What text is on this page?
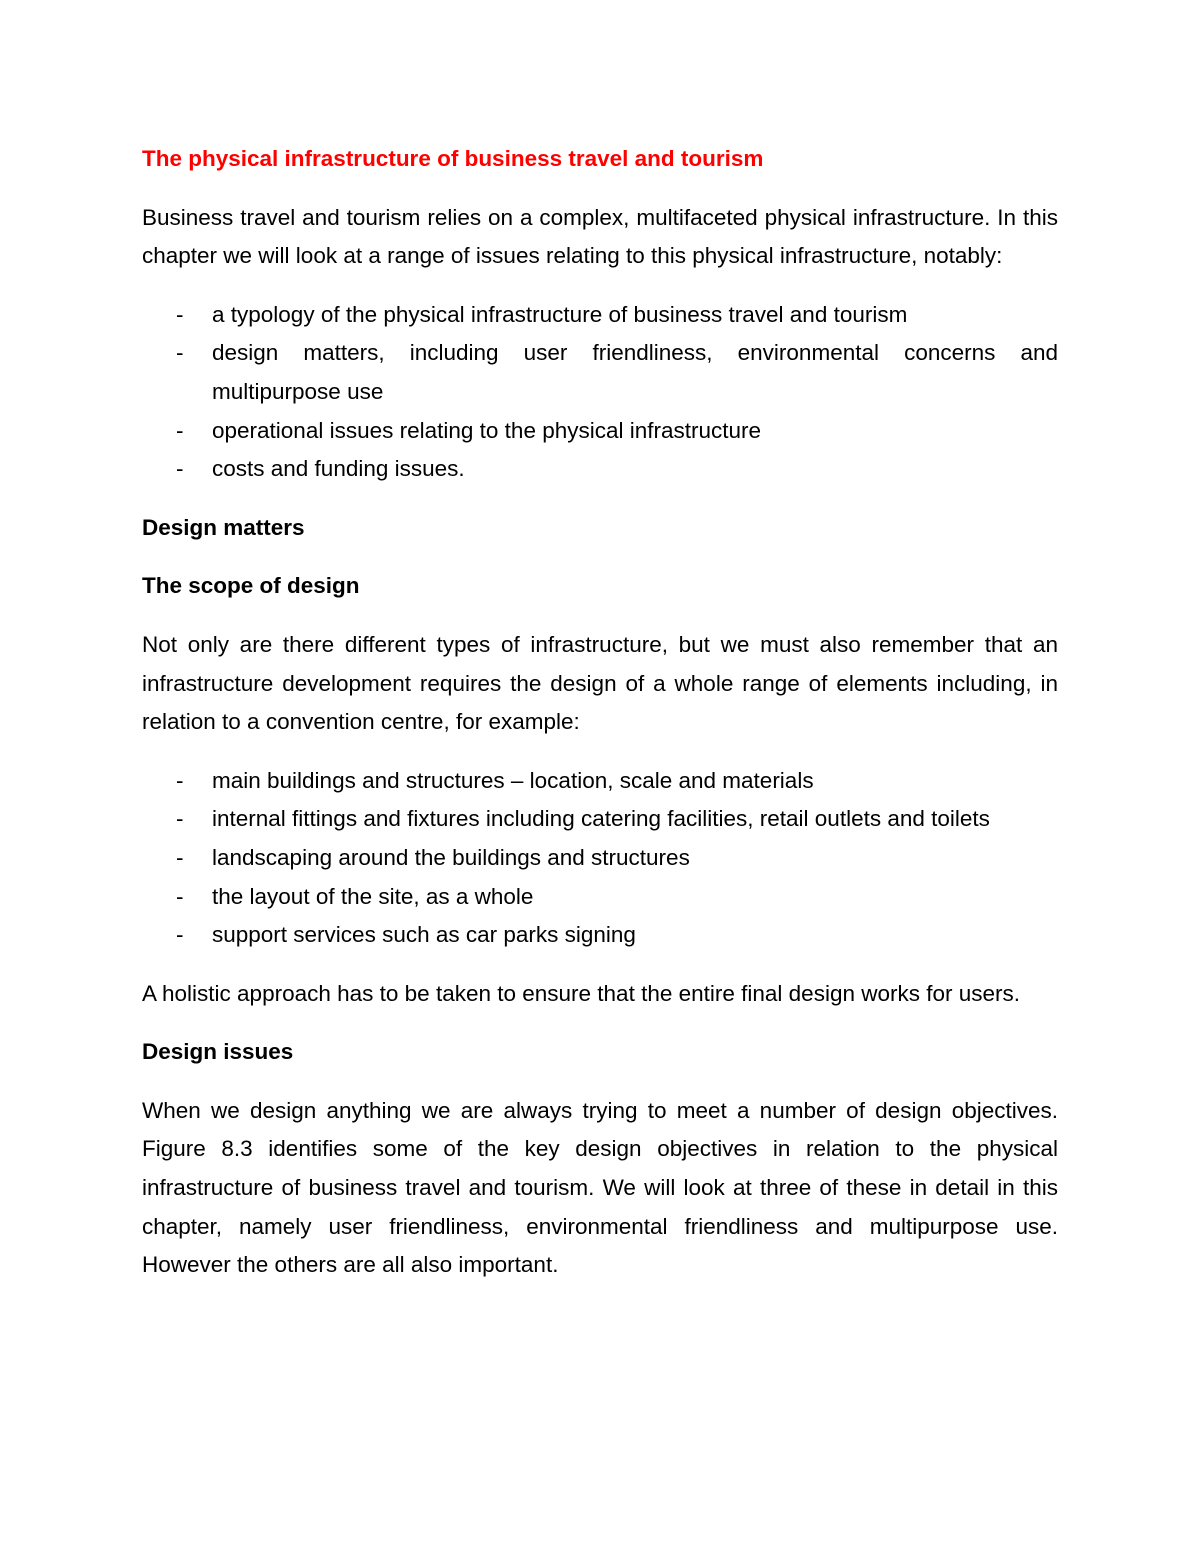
The physical infrastructure of business travel and tourism

Business travel and tourism relies on a complex, multifaceted physical infrastructure. In this chapter we will look at a range of issues relating to this physical infrastructure, notably:

- a typology of the physical infrastructure of business travel and tourism
- design matters, including user friendliness, environmental concerns and multipurpose use
- operational issues relating to the physical infrastructure
- costs and funding issues.
Design matters
The scope of design

Not only are there different types of infrastructure, but we must also remember that an infrastructure development requires the design of a whole range of elements including, in relation to a convention centre, for example:

- main buildings and structures – location, scale and materials
- internal fittings and fixtures including catering facilities, retail outlets and toilets
- landscaping around the buildings and structures
- the layout of the site, as a whole
- support services such as car parks signing

A holistic approach has to be taken to ensure that the entire final design works for users.

Design issues

When we design anything we are always trying to meet a number of design objectives. Figure 8.3 identifies some of the key design objectives in relation to the physical infrastructure of business travel and tourism. We will look at three of these in detail in this chapter, namely user friendliness, environmental friendliness and multipurpose use. However the others are all also important.
